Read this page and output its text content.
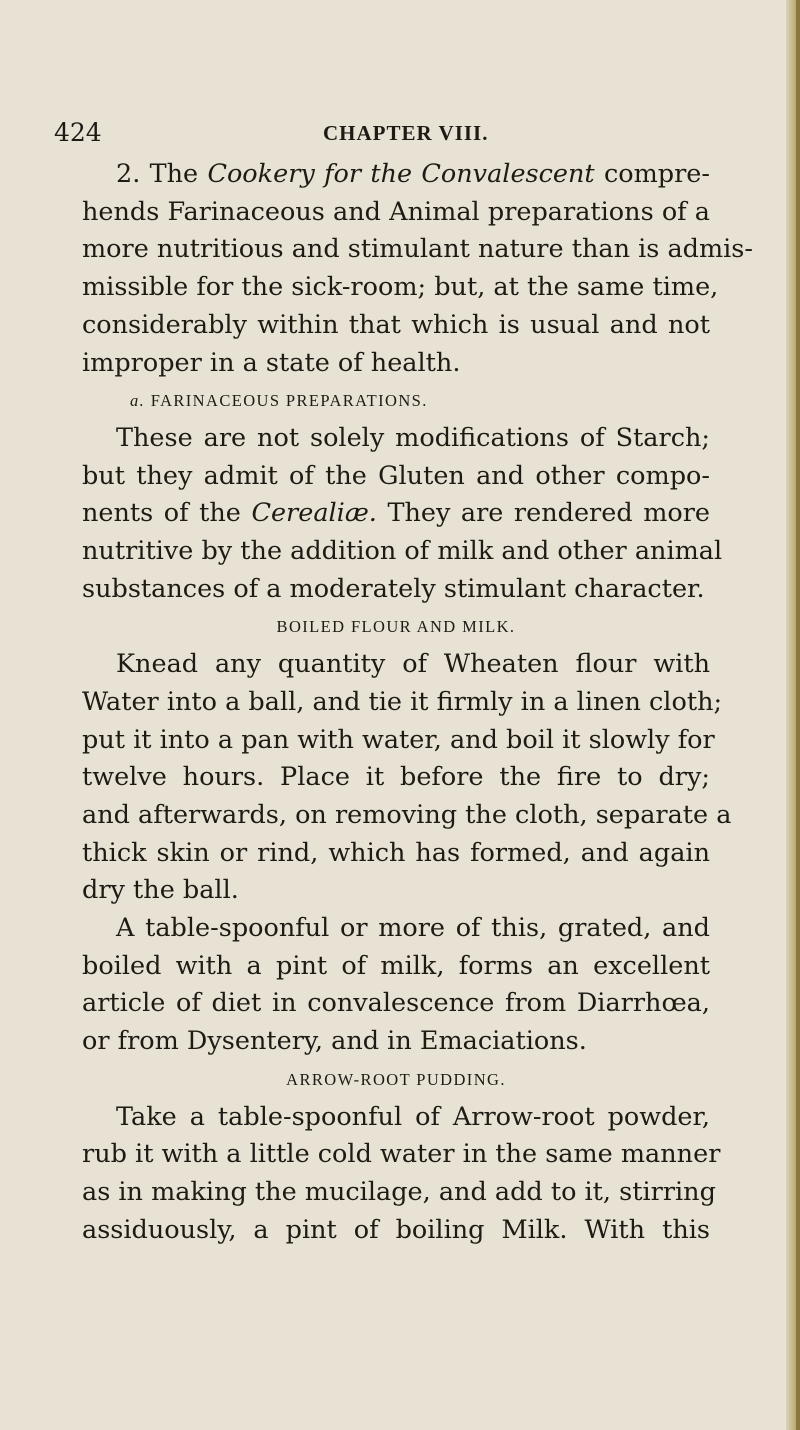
424	CHAPTER VIII.
2. The Cookery for the Convalescent compre-
hends Farinaceous and Animal preparations of a
more nutritious and stimulant nature than is admis-
missible for the sick-room; but, at the same time,
considerably within that which is usual and not
improper in a state of health.
a. FARINACEOUS PREPARATIONS.
These are not solely modifications of Starch;
but they admit of the Gluten and other compo-
nents of the Cerealiæ. They are rendered more
nutritive by the addition of milk and other animal
substances of a moderately stimulant character.
BOILED FLOUR AND MILK.
Knead any quantity of Wheaten flour with
Water into a ball, and tie it firmly in a linen cloth;
put it into a pan with water, and boil it slowly for
twelve hours. Place it before the fire to dry;
and afterwards, on removing the cloth, separate a
thick skin or rind, which has formed, and again
dry the ball.
A table-spoonful or more of this, grated, and
boiled with a pint of milk, forms an excellent
article of diet in convalescence from Diarrhœa,
or from Dysentery, and in Emaciations.
ARROW-ROOT PUDDING.
Take a table-spoonful of Arrow-root powder,
rub it with a little cold water in the same manner
as in making the mucilage, and add to it, stirring
assiduously, a pint of boiling Milk. With this
